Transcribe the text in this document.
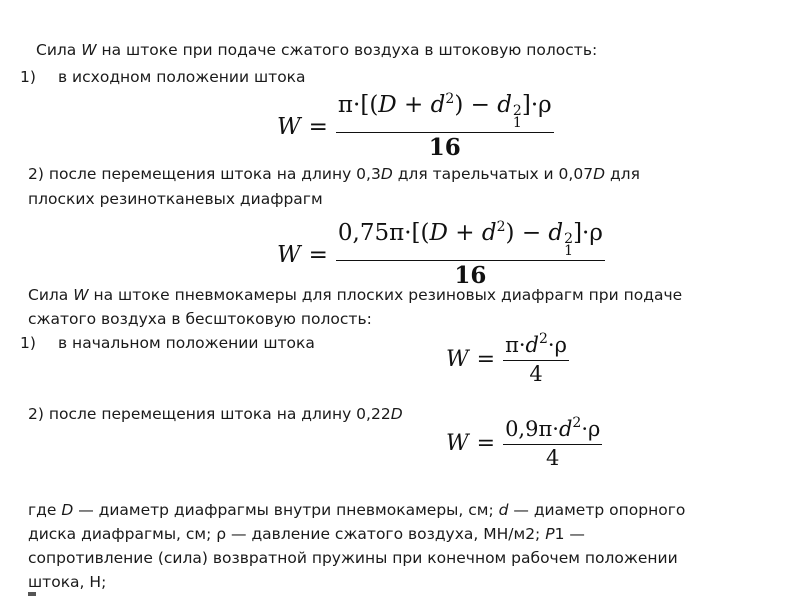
Сила W на штоке при подаче сжатого воздуха в штоковую полость:
1) в исходном положении штока
$W = \pi\cdot[(D + d^2) - d$ 2
1
]·ρ
16
2) после перемещения штока на длину 0,3D для тарельчатых и 0,07D для
плоских резинотканевых диафрагм
$W = 0,75\pi\cdot[(D + d^2) - d$ 2
1
]·ρ
16
Сила W на штоке пневмокамеры для плоских резиновых диафрагм при подаче
сжатого воздуха в бесштоковую полость:
1) в начальном положении штока
$W = \frac{\pi\cdot d^2\cdot\rho}{4}$
2) после перемещения штока на длину 0,22D
$W = \frac{0,9\pi\cdot d^2\cdot\rho}{4}$
где D — диаметр диафрагмы внутри пневмокамеры, см; d — диаметр опорного
диска диафрагмы, см; ρ — давление сжатого воздуха, МН/м2; P1 —
сопротивление (сила) возвратной пружины при конечном рабочем положении
штока, Н;
